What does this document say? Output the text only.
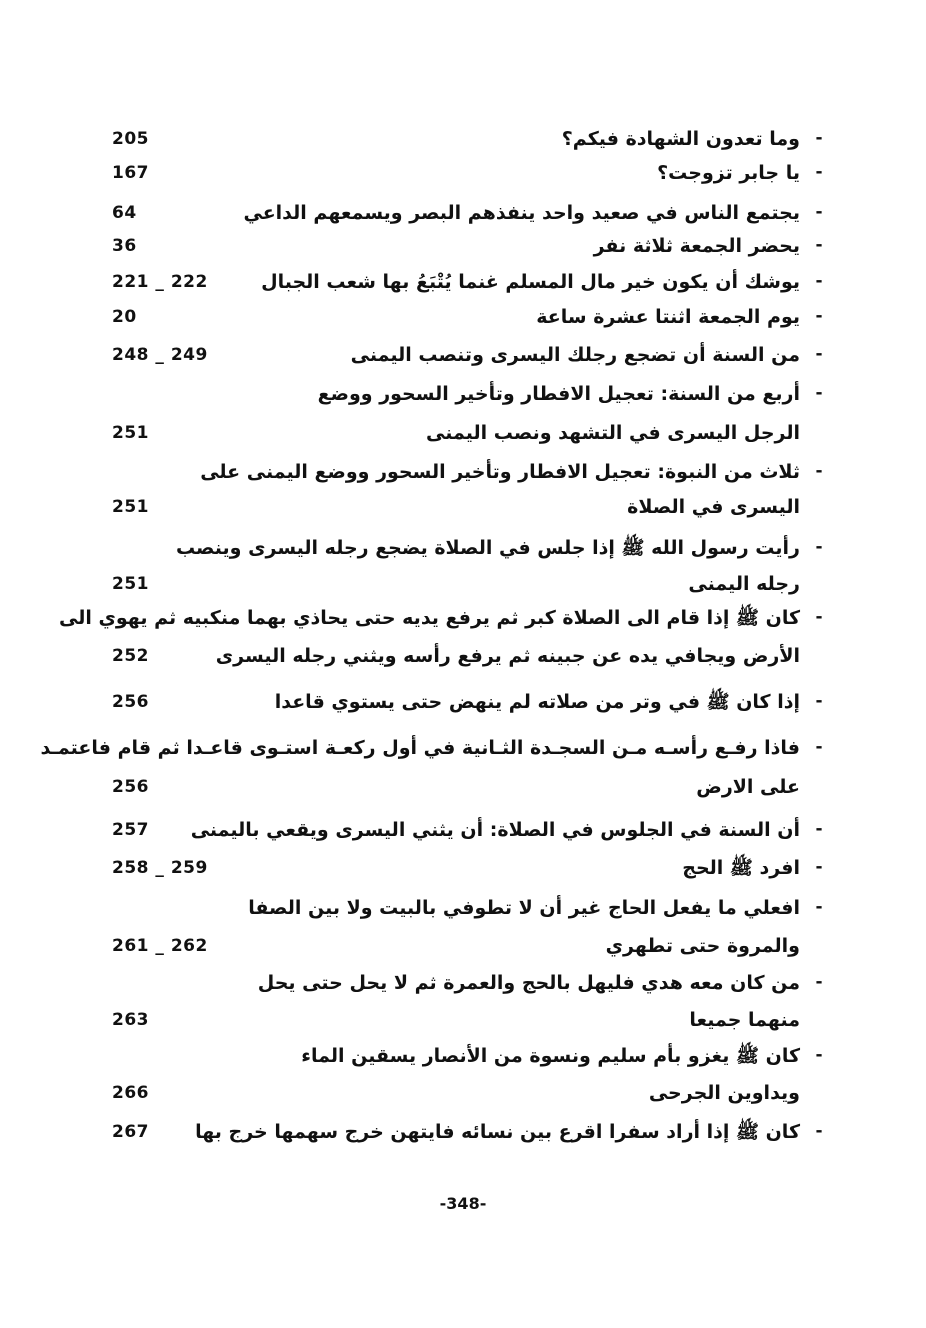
-
وما تعدون الشهادة فيكم؟
205
-
يا جابر تزوجت؟
167
-
يجتمع الناس في صعيد واحد ينفذهم البصر ويسمعهم الداعي
64
-
يحضر الجمعة ثلاثة نفر
36
-
يوشك أن يكون خير مال المسلم غنما يُتْبَعُ بها شعب الجبال
221 _ 222
-
يوم الجمعة اثنتا عشرة ساعة
20
-
من السنة أن تضجع رجلك اليسرى وتنصب اليمنى
248 _ 249
-
أربع من السنة: تعجيل الافطار وتأخير السحور ووضع
الرجل اليسرى في التشهد ونصب اليمنى
251
-
ثلاث من النبوة: تعجيل الافطار وتأخير السحور ووضع اليمنى على
اليسرى في الصلاة
251
-
رأيت رسول الله ﷺ إذا جلس في الصلاة يضجع رجله اليسرى وينصب
رجله اليمنى
251
-
كان ﷺ إذا قام الى الصلاة كبر ثم يرفع يديه حتى يحاذي بهما منكبيه ثم يهوي الى
الأرض ويجافي يده عن جبينه ثم يرفع رأسه ويثني رجله اليسرى
252
-
إذا كان ﷺ في وتر من صلاته لم ينهض حتى يستوي قاعدا
256
-
فاذا رفـع رأسـه مـن السجـدة الثـانية في أول ركعـة استـوى قاعـدا ثم قام فاعتمـد
على الارض
256
-
أن السنة في الجلوس في الصلاة: أن يثني اليسرى ويقعي باليمنى
257
-
افرد ﷺ الحج
258 _ 259
-
افعلي ما يفعل الحاج غير أن لا تطوفي بالبيت ولا بين الصفا
والمروة حتى تطهري
261 _ 262
-
من كان معه هدي فليهل بالحج والعمرة ثم لا يحل حتى يحل
منهما جميعا
263
-
كان ﷺ يغزو بأم سليم ونسوة من الأنصار يسقين الماء
ويداوين الجرحى
266
-
كان ﷺ إذا أراد سفرا اقرع بين نسائه فايتهن خرج سهمها خرج بها
267
-348-
